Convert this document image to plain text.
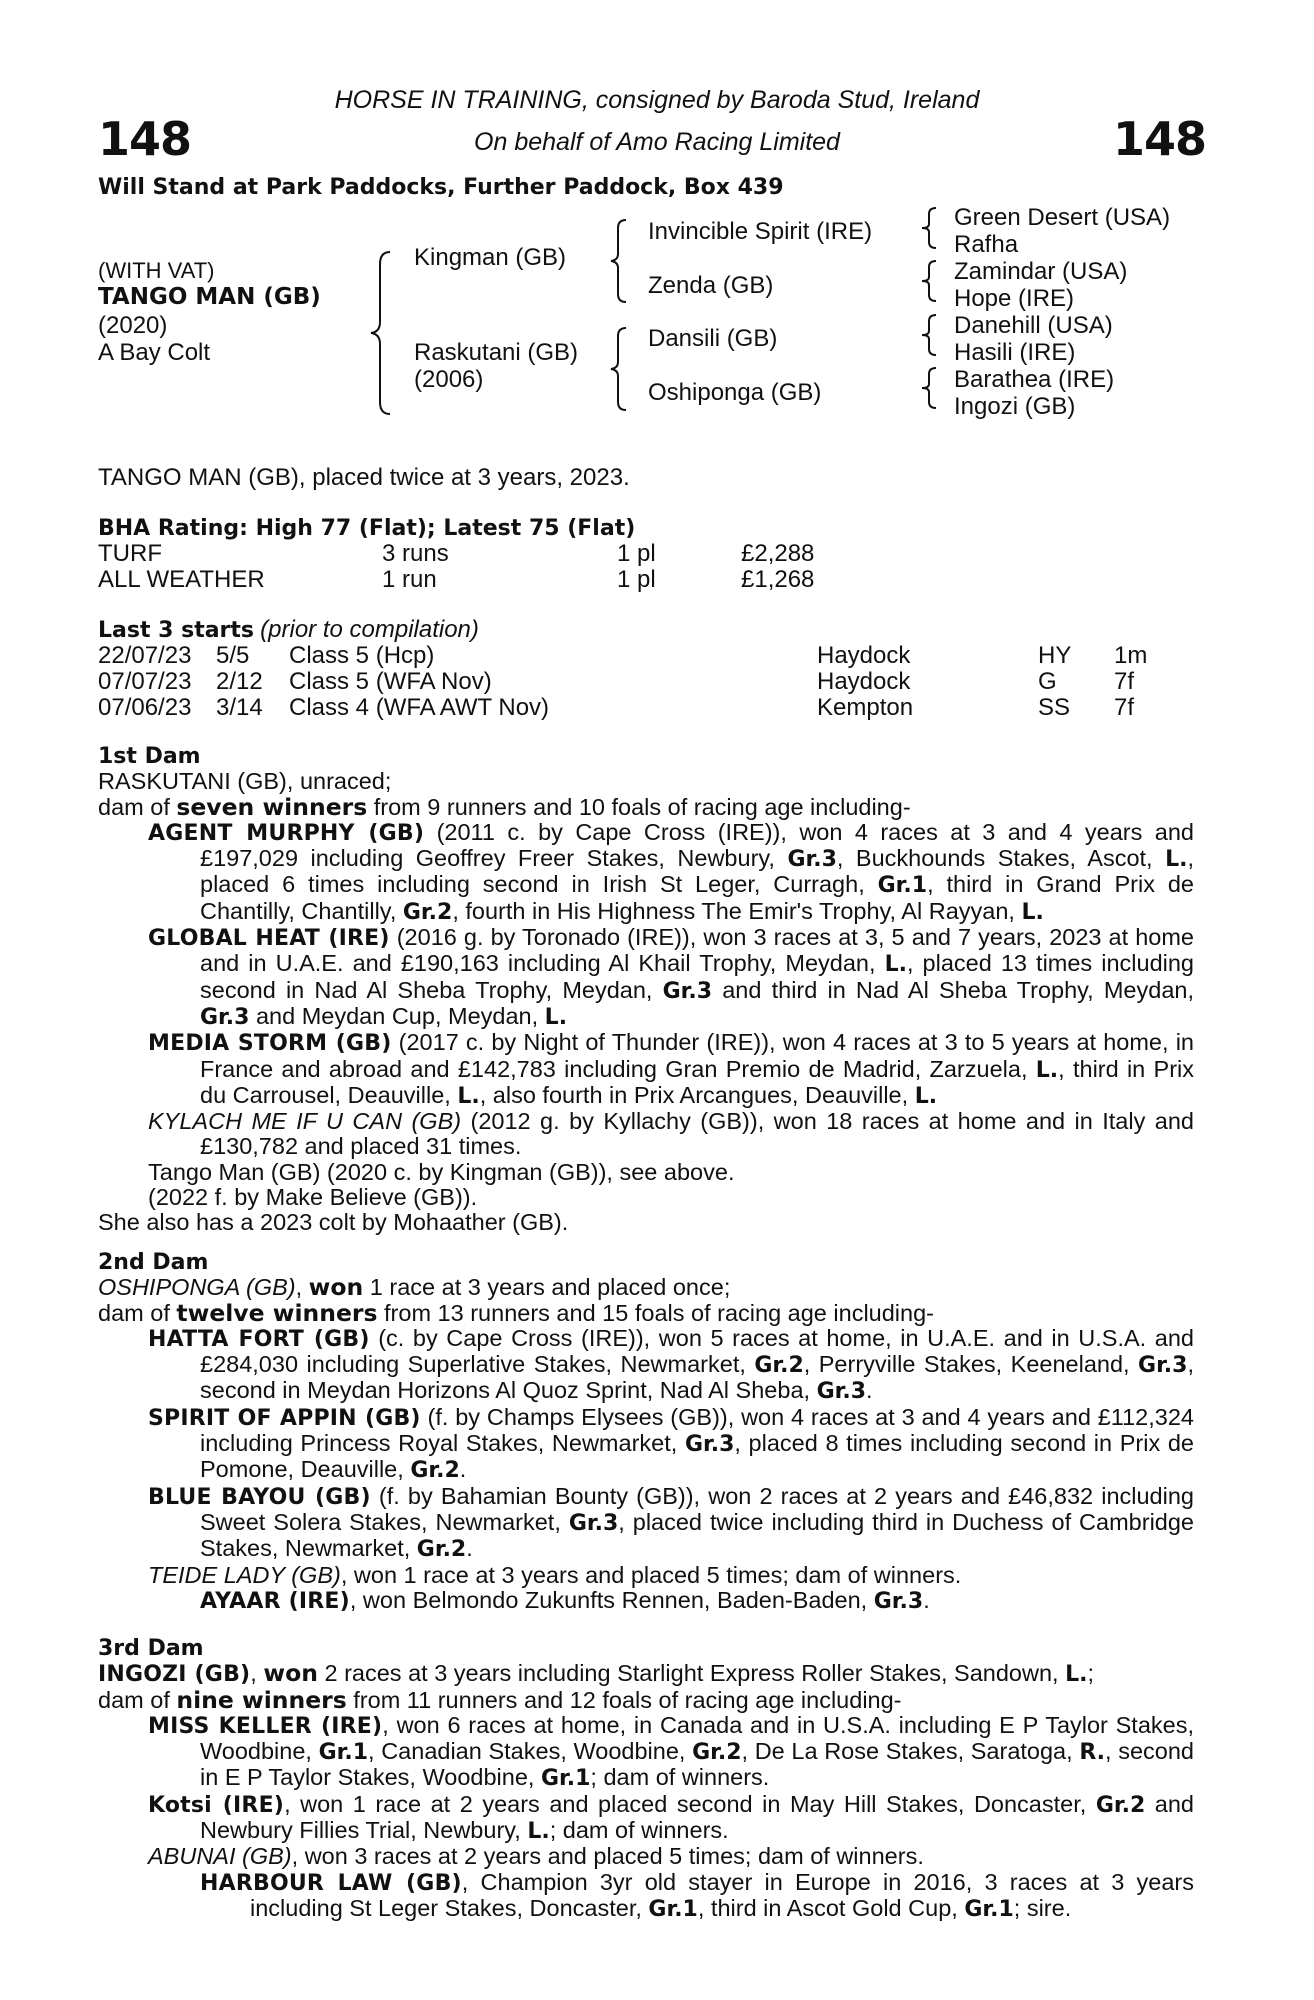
148	148
HORSE IN TRAINING, consigned by Baroda Stud, Ireland
On behalf of Amo Racing Limited
Will Stand at Park Paddocks, Further Paddock, Box 439
(WITH VAT)
TANGO MAN (GB)
(2020)
A Bay Colt
Kingman (GB)
Raskutani (GB)
(2006)
Invincible Spirit (IRE)
Zenda (GB)
Dansili (GB)
Oshiponga (GB)
Green Desert (USA)
Rafha
Zamindar (USA)
Hope (IRE)
Danehill (USA)
Hasili (IRE)
Barathea (IRE)
Ingozi (GB)
TANGO MAN (GB), placed twice at 3 years, 2023.
BHA Rating: High 77 (Flat); Latest 75 (Flat)
TURF	3 runs	1 pl	£2,288
ALL WEATHER	1 run	1 pl	£1,268
Last 3 starts (prior to compilation)
22/07/23 5/5 Class 5 (Hcp)	Haydock	HY 1m
07/07/23 2/12 Class 5 (WFA Nov)	Haydock	G 7f
07/06/23 3/14 Class 4 (WFA AWT Nov)	Kempton	SS 7f
1st Dam
RASKUTANI (GB), unraced;
dam of seven winners from 9 runners and 10 foals of racing age including-
AGENT MURPHY (GB) (2011 c. by Cape Cross (IRE)), won 4 races at 3 and 4 years and £197,029 including Geoffrey Freer Stakes, Newbury, Gr.3, Buckhounds Stakes, Ascot, L., placed 6 times including second in Irish St Leger, Curragh, Gr.1, third in Grand Prix de Chantilly, Chantilly, Gr.2, fourth in His Highness The Emir's Trophy, Al Rayyan, L.
GLOBAL HEAT (IRE) (2016 g. by Toronado (IRE)), won 3 races at 3, 5 and 7 years, 2023 at home and in U.A.E. and £190,163 including Al Khail Trophy, Meydan, L., placed 13 times including second in Nad Al Sheba Trophy, Meydan, Gr.3 and third in Nad Al Sheba Trophy, Meydan, Gr.3 and Meydan Cup, Meydan, L.
MEDIA STORM (GB) (2017 c. by Night of Thunder (IRE)), won 4 races at 3 to 5 years at home, in France and abroad and £142,783 including Gran Premio de Madrid, Zarzuela, L., third in Prix du Carrousel, Deauville, L., also fourth in Prix Arcangues, Deauville, L.
KYLACH ME IF U CAN (GB) (2012 g. by Kyllachy (GB)), won 18 races at home and in Italy and £130,782 and placed 31 times.
Tango Man (GB) (2020 c. by Kingman (GB)), see above.
(2022 f. by Make Believe (GB)).
She also has a 2023 colt by Mohaather (GB).
2nd Dam
OSHIPONGA (GB), won 1 race at 3 years and placed once;
dam of twelve winners from 13 runners and 15 foals of racing age including-
HATTA FORT (GB) (c. by Cape Cross (IRE)), won 5 races at home, in U.A.E. and in U.S.A. and £284,030 including Superlative Stakes, Newmarket, Gr.2, Perryville Stakes, Keeneland, Gr.3, second in Meydan Horizons Al Quoz Sprint, Nad Al Sheba, Gr.3.
SPIRIT OF APPIN (GB) (f. by Champs Elysees (GB)), won 4 races at 3 and 4 years and £112,324 including Princess Royal Stakes, Newmarket, Gr.3, placed 8 times including second in Prix de Pomone, Deauville, Gr.2.
BLUE BAYOU (GB) (f. by Bahamian Bounty (GB)), won 2 races at 2 years and £46,832 including Sweet Solera Stakes, Newmarket, Gr.3, placed twice including third in Duchess of Cambridge Stakes, Newmarket, Gr.2.
TEIDE LADY (GB), won 1 race at 3 years and placed 5 times; dam of winners.
AYAAR (IRE), won Belmondo Zukunfts Rennen, Baden-Baden, Gr.3.
3rd Dam
INGOZI (GB), won 2 races at 3 years including Starlight Express Roller Stakes, Sandown, L.;
dam of nine winners from 11 runners and 12 foals of racing age including-
MISS KELLER (IRE), won 6 races at home, in Canada and in U.S.A. including E P Taylor Stakes, Woodbine, Gr.1, Canadian Stakes, Woodbine, Gr.2, De La Rose Stakes, Saratoga, R., second in E P Taylor Stakes, Woodbine, Gr.1; dam of winners.
Kotsi (IRE), won 1 race at 2 years and placed second in May Hill Stakes, Doncaster, Gr.2 and Newbury Fillies Trial, Newbury, L.; dam of winners.
ABUNAI (GB), won 3 races at 2 years and placed 5 times; dam of winners.
HARBOUR LAW (GB), Champion 3yr old stayer in Europe in 2016, 3 races at 3 years including St Leger Stakes, Doncaster, Gr.1, third in Ascot Gold Cup, Gr.1; sire.
